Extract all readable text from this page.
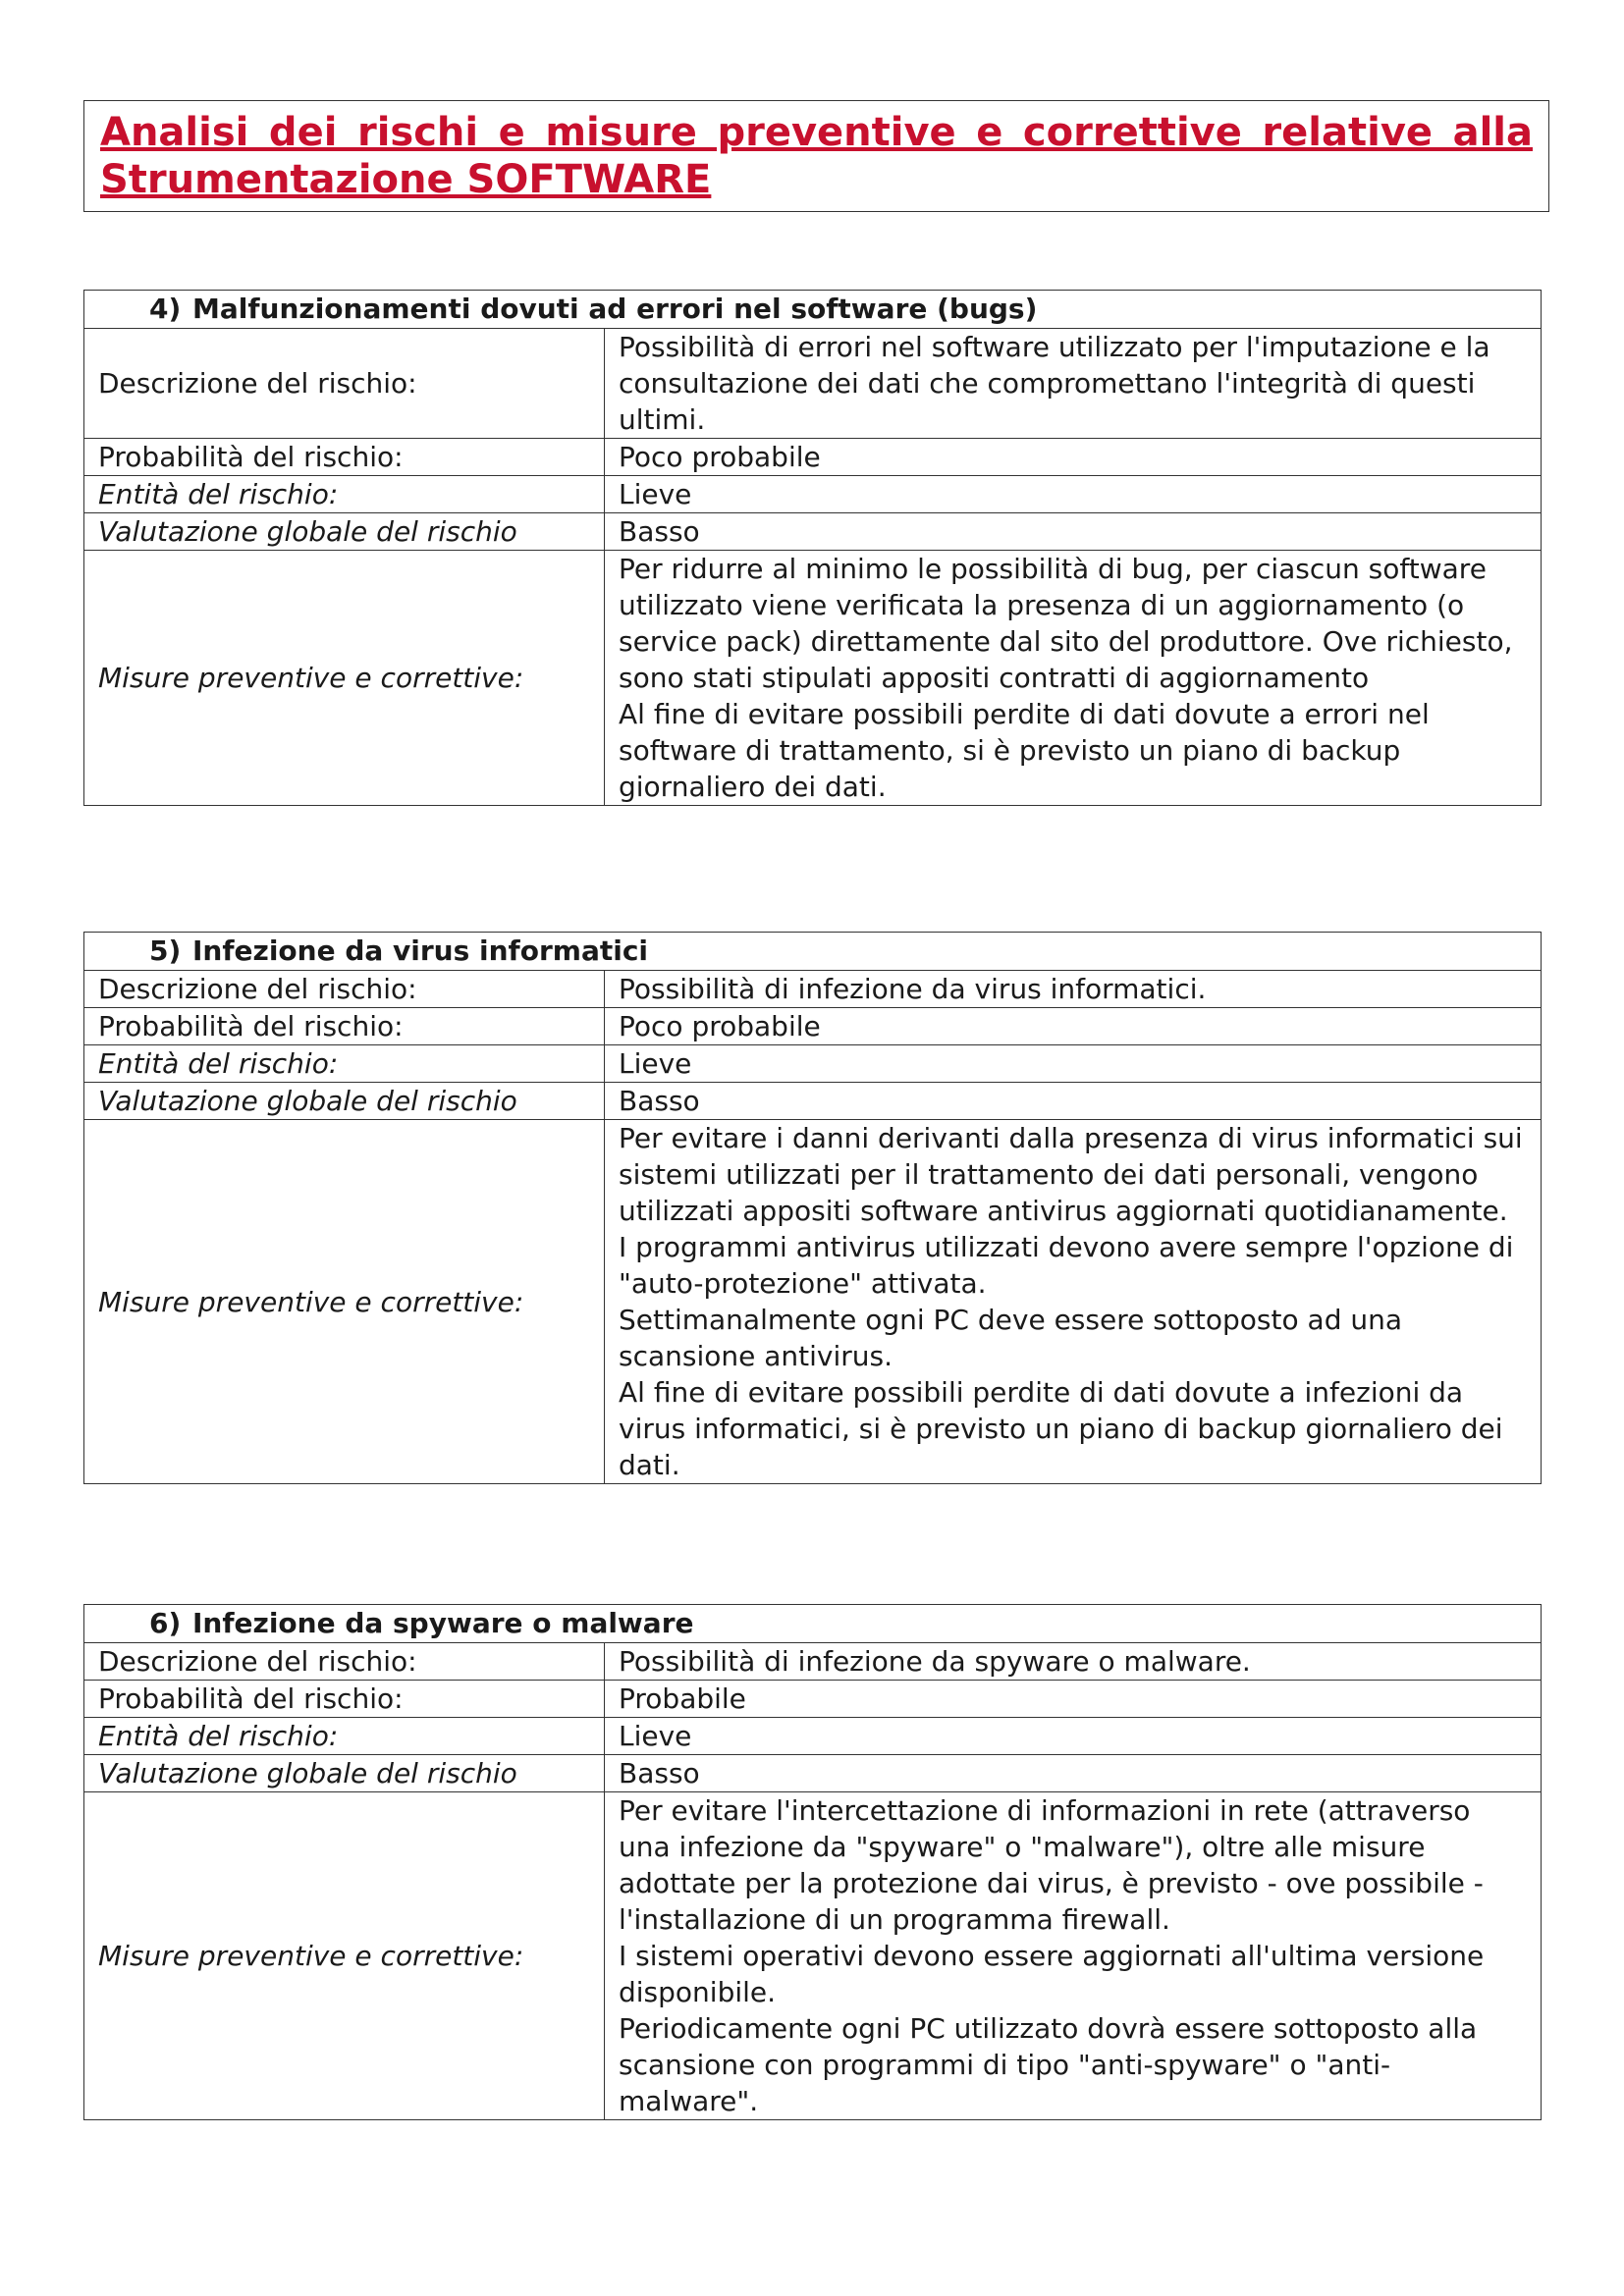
Analisi dei rischi e misure preventive e correttive relative alla
Strumentazione SOFTWARE
4) Malfunzionamenti dovuti ad errori nel software (bugs)	
Descrizione del rischio:	Possibilità di errori nel software utilizzato per l'imputazione e la consultazione dei dati che compromettano l'integrità di questi ultimi.
Probabilità del rischio:	Poco probabile
Entità del rischio:	Lieve
Valutazione globale del rischio	Basso
Misure preventive e correttive:	Per ridurre al minimo le possibilità di bug, per ciascun software utilizzato viene verificata la presenza di un aggiornamento (o service pack) direttamente dal sito del produttore. Ove richiesto, sono stati stipulati appositi contratti di aggiornamento
Al fine di evitare possibili perdite di dati dovute a errori nel software di trattamento, si è previsto un piano di backup giornaliero dei dati.
5) Infezione da virus informatici	
Descrizione del rischio:	Possibilità di infezione da virus informatici.
Probabilità del rischio:	Poco probabile
Entità del rischio:	Lieve
Valutazione globale del rischio	Basso
Misure preventive e correttive:	Per evitare i danni derivanti dalla presenza di virus informatici sui sistemi utilizzati per il trattamento dei dati personali, vengono utilizzati appositi software antivirus aggiornati quotidianamente.
I programmi antivirus utilizzati devono avere sempre l'opzione di "auto-protezione" attivata.
Settimanalmente ogni PC deve essere sottoposto ad una scansione antivirus.
Al fine di evitare possibili perdite di dati dovute a infezioni da virus informatici, si è previsto un piano di backup giornaliero dei dati.
6) Infezione da spyware o malware	
Descrizione del rischio:	Possibilità di infezione da spyware o malware.
Probabilità del rischio:	Probabile
Entità del rischio:	Lieve
Valutazione globale del rischio	Basso
Misure preventive e correttive:	Per evitare l'intercettazione di informazioni in rete (attraverso una infezione da "spyware" o "malware"), oltre alle misure adottate per la protezione dai virus, è previsto - ove possibile - l'installazione di un programma firewall.
I sistemi operativi devono essere aggiornati all'ultima versione disponibile.
Periodicamente ogni PC utilizzato dovrà essere sottoposto alla scansione con programmi di tipo "anti-spyware" o "anti-malware".
